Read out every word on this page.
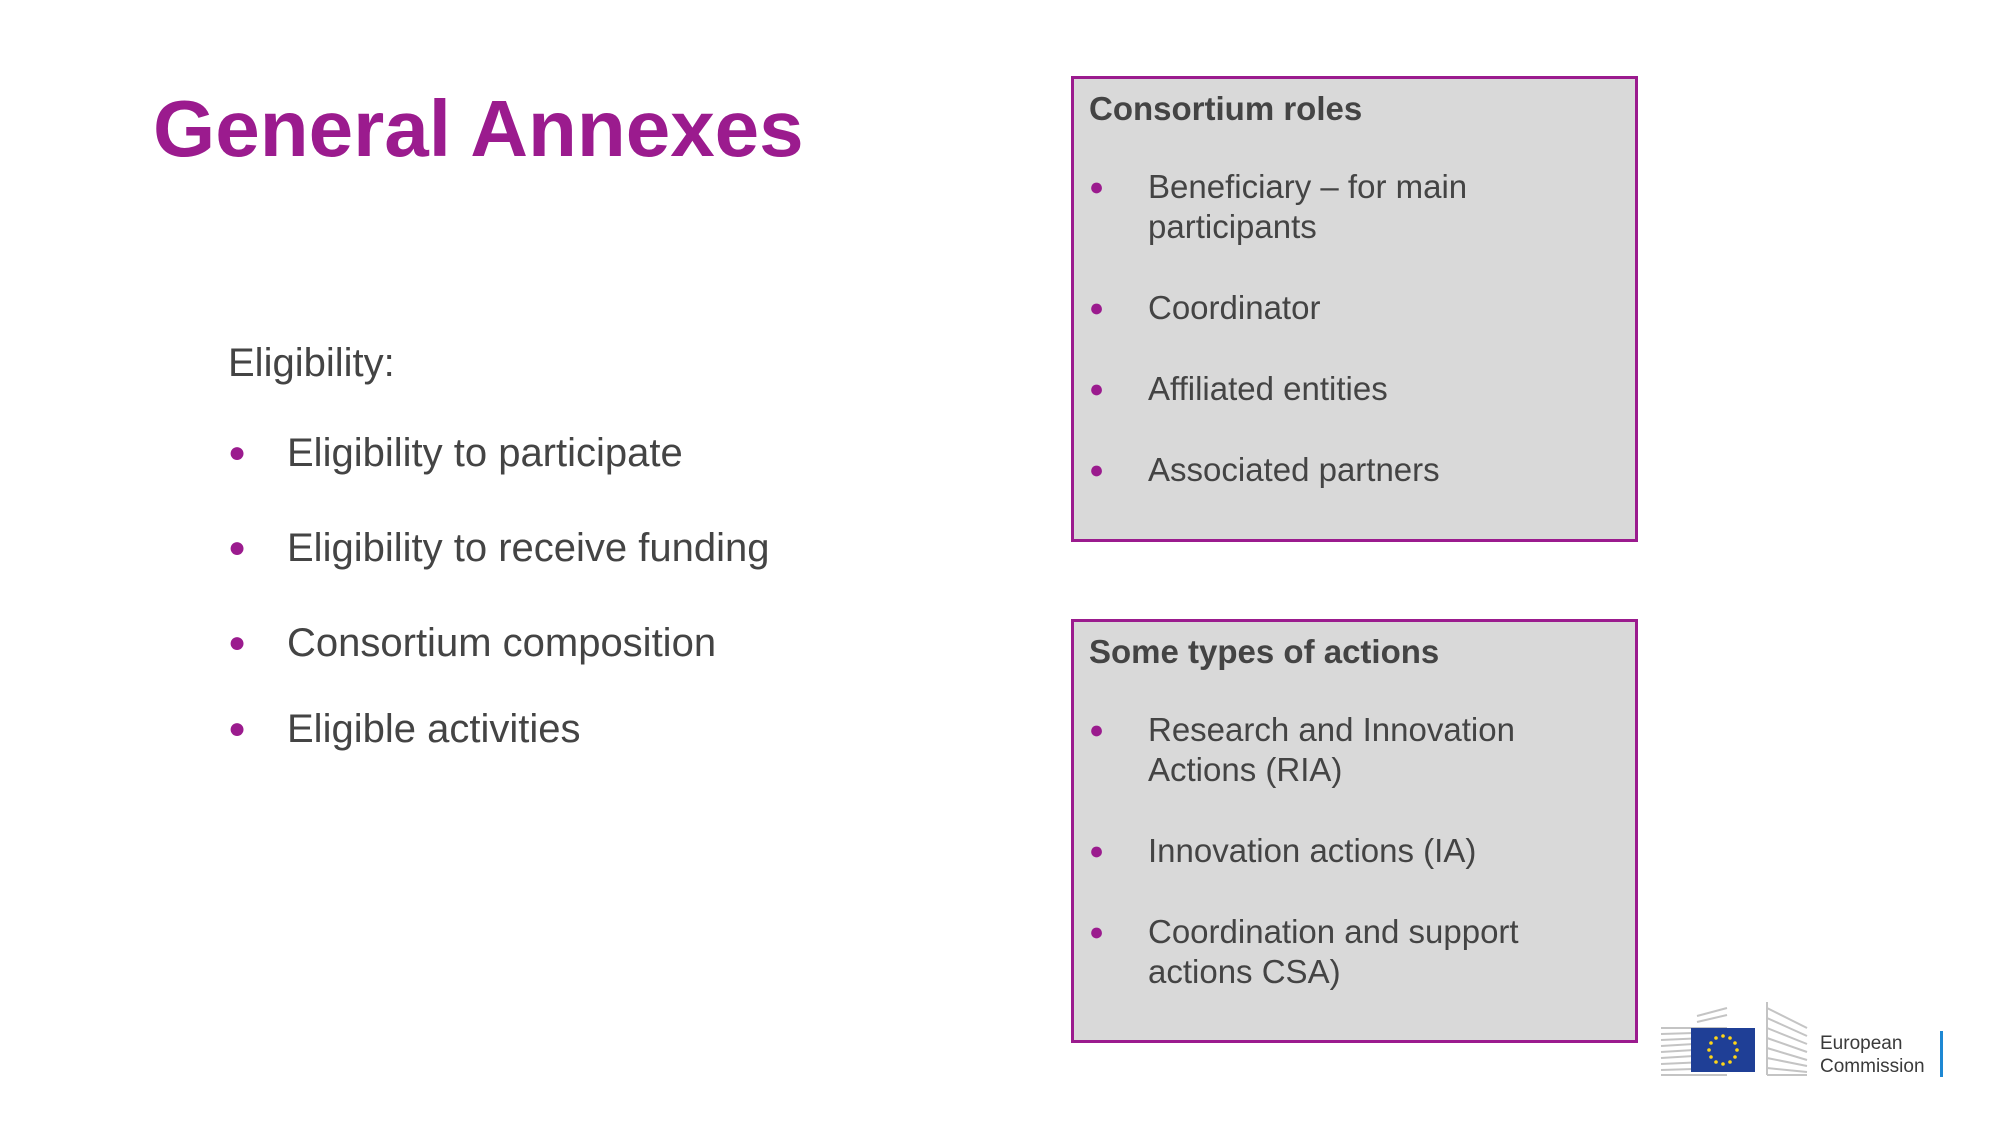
General Annexes

Eligibility:

● Eligibility to participate
● Eligibility to receive funding
● Consortium composition
● Eligible activities
Consortium roles
● Beneficiary – for main participants
● Coordinator
● Affiliated entities
● Associated partners
Some types of actions
● Research and Innovation Actions (RIA)
● Innovation actions (IA)
● Coordination and support actions CSA)
European
Commission
